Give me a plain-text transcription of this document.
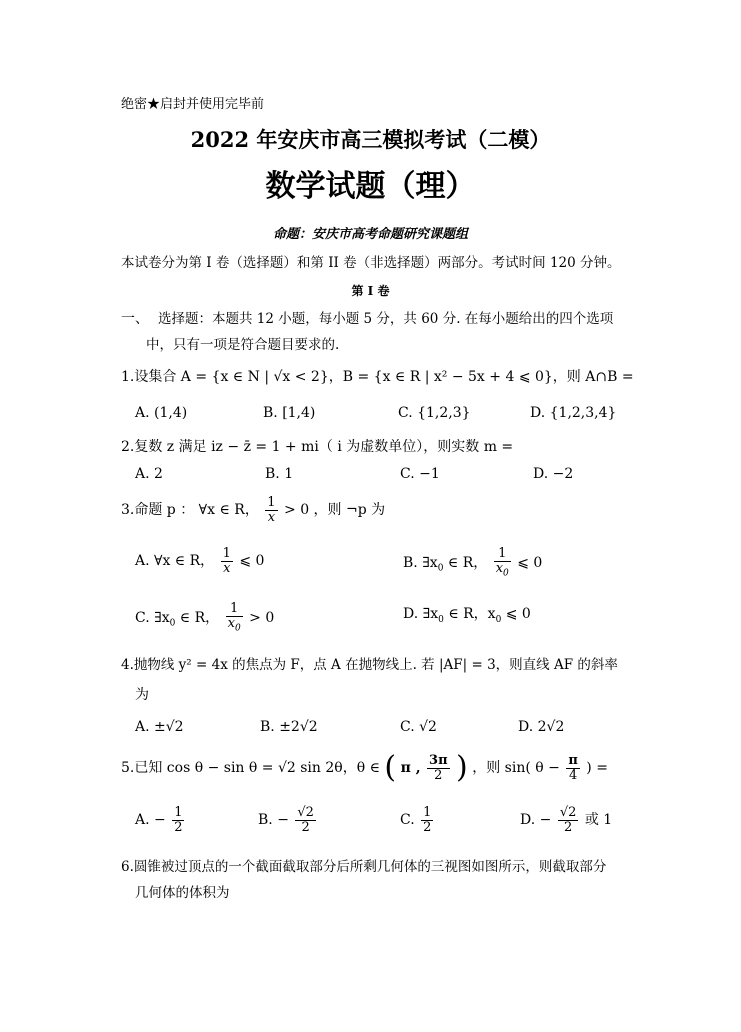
绝密★启封并使用完毕前
2022 年安庆市高三模拟考试（二模）
数学试题（理）
命题：安庆市高考命题研究课题组
本试卷分为第 I 卷（选择题）和第 II 卷（非选择题）两部分。考试时间 120 分钟。
第 I 卷
一、 选择题：本题共 12 小题，每小题 5 分，共 60 分. 在每小题给出的四个选项
中，只有一项是符合题目要求的.
1.设集合 A = {x ∈ N | √x < 2}，B = {x ∈ R | x² − 5x + 4 ⩽ 0}，则 A∩B =
A. (1,4)	B. [1,4)	C. {1,2,3}	D. {1,2,3,4}
2.复数 z 满足 iz − z̄ = 1 + mi（ i 为虚数单位），则实数 m =
A. 2	B. 1	C. −1	D. −2
3.命题 p ： ∀x ∈ R， $\frac{1}{x} > 0$ ，则 ¬p 为
A. ∀x ∈ R， $\frac{1}{x}$ ⩽ 0	B. $\exists x_0$ ∈ R， $\frac{1}{x_0}$ ⩽ 0
C. $\exists x_0$ ∈ R， $\frac{1}{x_0} > 0$	D. $\exists x_0$ ∈ R，$x_0$ ⩽ 0
4.抛物线 y² = 4x 的焦点为 F，点 A 在抛物线上. 若 |AF| = 3，则直线 AF 的斜率
为
A. ±√2	B. ±2√2	C. √2	D. 2√2
5.已知 cos θ − sin θ = √2 sin 2θ，θ ∈ ( π , $\frac{3\pi}{2}$ ) ，则 sin( $\theta - \frac{\pi}{4}$ ) =
A. − $\frac{1}{2}$	B. − $\frac{√2}{2}$	C. $\frac{1}{2}$	D. − $\frac{√2}{2}$ 或 1
6.圆锥被过顶点的一个截面截取部分后所剩几何体的三视图如图所示，则截取部分
几何体的体积为
